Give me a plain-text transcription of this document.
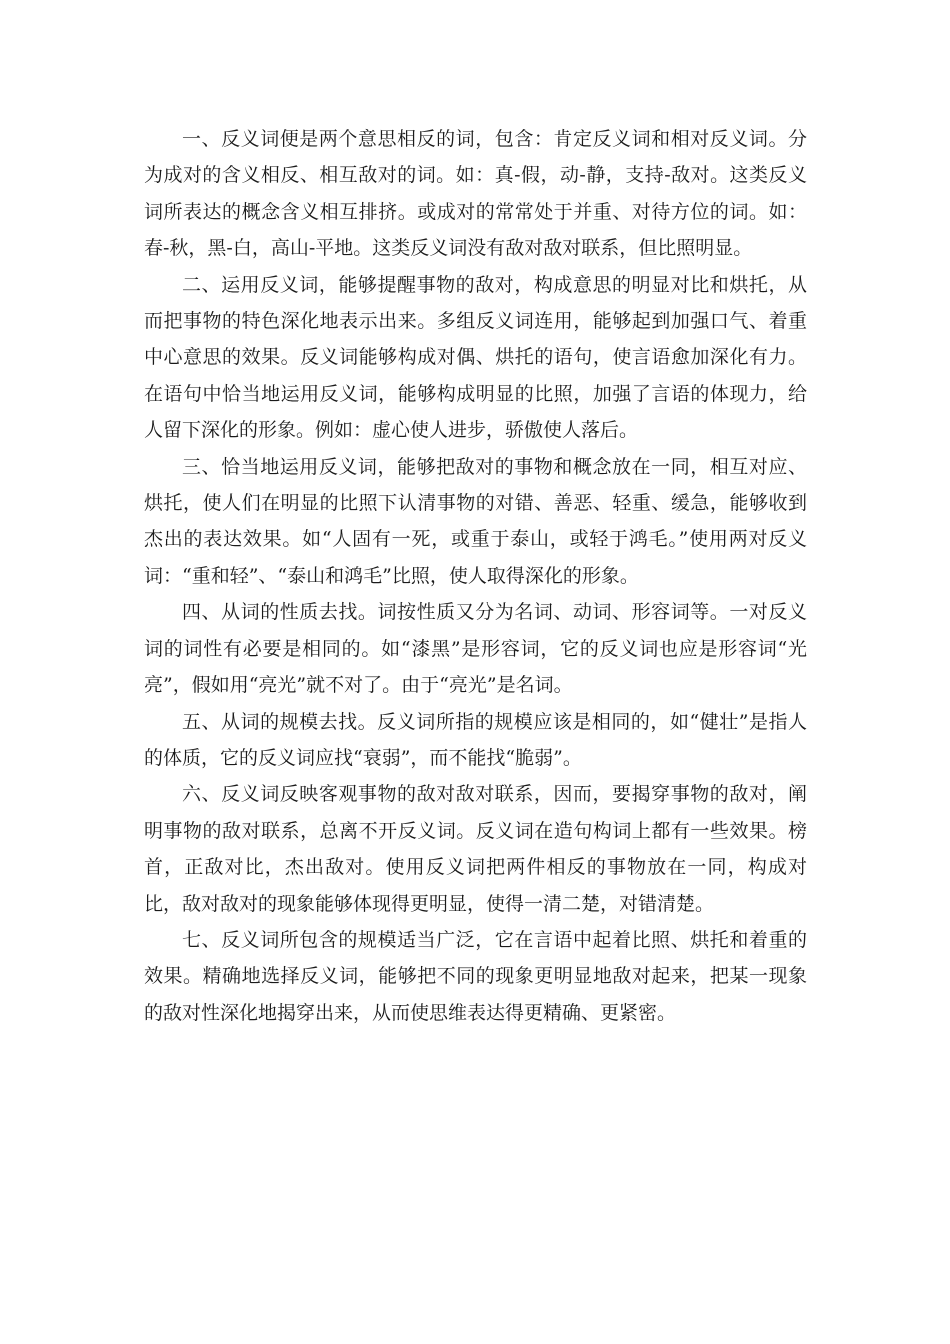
一、反义词便是两个意思相反的词，包含：肯定反义词和相对反义词。分为成对的含义相反、相互敌对的词。如：真-假，动-静，支持-敌对。这类反义词所表达的概念含义相互排挤。或成对的常常处于并重、对待方位的词。如：春-秋，黑-白，高山-平地。这类反义词没有敌对敌对联系，但比照明显。

二、运用反义词，能够提醒事物的敌对，构成意思的明显对比和烘托，从而把事物的特色深化地表示出来。多组反义词连用，能够起到加强口气、着重中心意思的效果。反义词能够构成对偶、烘托的语句，使言语愈加深化有力。在语句中恰当地运用反义词，能够构成明显的比照，加强了言语的体现力，给人留下深化的形象。例如：虚心使人进步，骄傲使人落后。

三、恰当地运用反义词，能够把敌对的事物和概念放在一同，相互对应、烘托，使人们在明显的比照下认清事物的对错、善恶、轻重、缓急，能够收到杰出的表达效果。如“人固有一死，或重于泰山，或轻于鸿毛。”使用两对反义词：“重和轻”、“泰山和鸿毛”比照，使人取得深化的形象。

四、从词的性质去找。词按性质又分为名词、动词、形容词等。一对反义词的词性有必要是相同的。如“漆黑”是形容词，它的反义词也应是形容词“光亮”，假如用“亮光”就不对了。由于“亮光”是名词。

五、从词的规模去找。反义词所指的规模应该是相同的，如“健壮”是指人的体质，它的反义词应找“衰弱”，而不能找“脆弱”。

六、反义词反映客观事物的敌对敌对联系，因而，要揭穿事物的敌对，阐明事物的敌对联系，总离不开反义词。反义词在造句构词上都有一些效果。榜首，正敌对比，杰出敌对。使用反义词把两件相反的事物放在一同，构成对比，敌对敌对的现象能够体现得更明显，使得一清二楚，对错清楚。

七、反义词所包含的规模适当广泛，它在言语中起着比照、烘托和着重的效果。精确地选择反义词，能够把不同的现象更明显地敌对起来，把某一现象的敌对性深化地揭穿出来，从而使思维表达得更精确、更紧密。
